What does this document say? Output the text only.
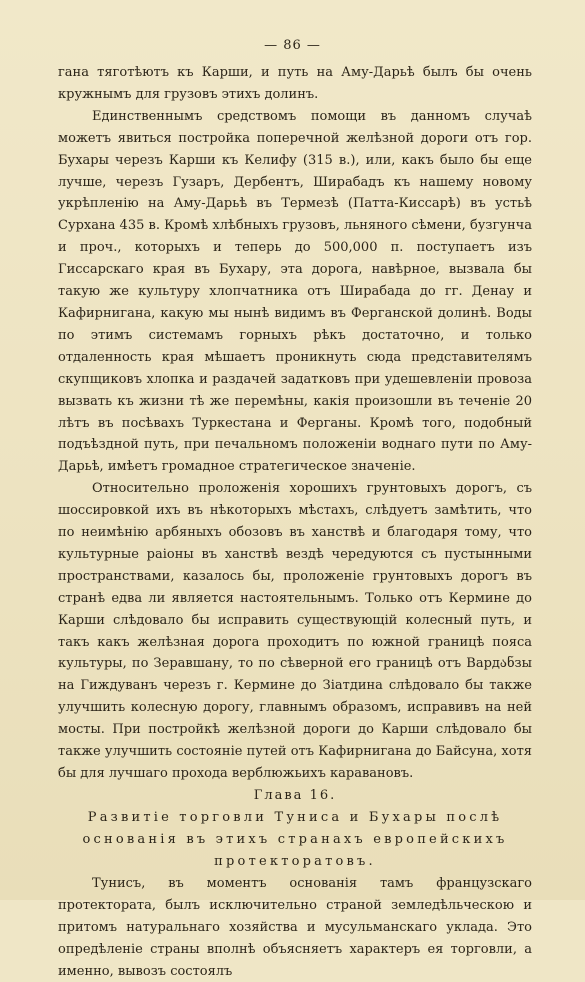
— 86 —

гана тяготѣютъ къ Карши, и путь на Аму-Дарьѣ былъ бы очень кружнымъ для грузовъ этихъ долинъ.

Единственнымъ средствомъ помощи въ данномъ случаѣ можетъ явиться постройка поперечной желѣзной дороги отъ гор. Бухары черезъ Карши къ Келифу (315 в.), или, какъ было бы еще лучше, черезъ Гузаръ, Дербентъ, Ширабадъ къ нашему новому укрѣпленію на Аму-Дарьѣ въ Термезѣ (Патта-Киссарѣ) въ устьѣ Сурхана 435 в. Кромѣ хлѣбныхъ грузовъ, льняного сѣмени, бузгунча и проч., которыхъ и теперь до 500,000 п. поступаетъ изъ Гиссарскаго края въ Бухару, эта дорога, навѣрное, вызвала бы такую же культуру хлопчатника отъ Ширабада до гг. Денау и Кафирнигана, какую мы нынѣ видимъ въ Ферганской долинѣ. Воды по этимъ системамъ горныхъ рѣкъ достаточно, и только отдаленность края мѣшаетъ проникнуть сюда представителямъ скупщиковъ хлопка и раздачей задатковъ при удешевленіи провоза вызвать къ жизни тѣ же перемѣны, какія произошли въ теченіе 20 лѣтъ въ посѣвахъ Туркестана и Ферганы. Кромѣ того, подобный подъѣздной путь, при печальномъ положеніи воднаго пути по Аму-Дарьѣ, имѣетъ громадное стратегическое значеніе.

Относительно проложенія хорошихъ грунтовыхъ дорогъ, съ шоссировкой ихъ въ нѣкоторыхъ мѣстахъ, слѣдуетъ замѣтить, что по неимѣнію арбяныхъ обозовъ въ ханствѣ и благодаря тому, что культурные раіоны въ ханствѣ вездѣ чередуются съ пустынными пространствами, казалось бы, проложеніе грунтовыхъ дорогъ въ странѣ едва ли является настоятельнымъ. Только отъ Кермине до Карши слѣдовало бы исправить существующій колесный путь, и такъ какъ желѣзная дорога проходитъ по южной границѣ пояса культуры, по Зеравшану, то по сѣверной его границѣ отъ Вардანзы на Гиждуванъ черезъ г. Кермине до Зіатдина слѣдовало бы также улучшить колесную дорогу, главнымъ образомъ, исправивъ на ней мосты. При постройкѣ желѣзной дороги до Карши слѣдовало бы также улучшить состояніе путей отъ Кафирнигана до Байсуна, хотя бы для лучшаго прохода верблюжьихъ каравановъ.

Глава 16.

Развитіе торговли Туниса и Бухары послѣ основанія въ этихъ странахъ европейскихъ протекторатовъ.

Тунисъ, въ моментъ основанія тамъ французскаго протектората, былъ исключительно страной земледѣльческою и притомъ натуральнаго хозяйства и мусульманскаго уклада. Это опредѣленіе страны вполнѣ объясняетъ характеръ ея торговли, а именно, вывозъ состоялъ
